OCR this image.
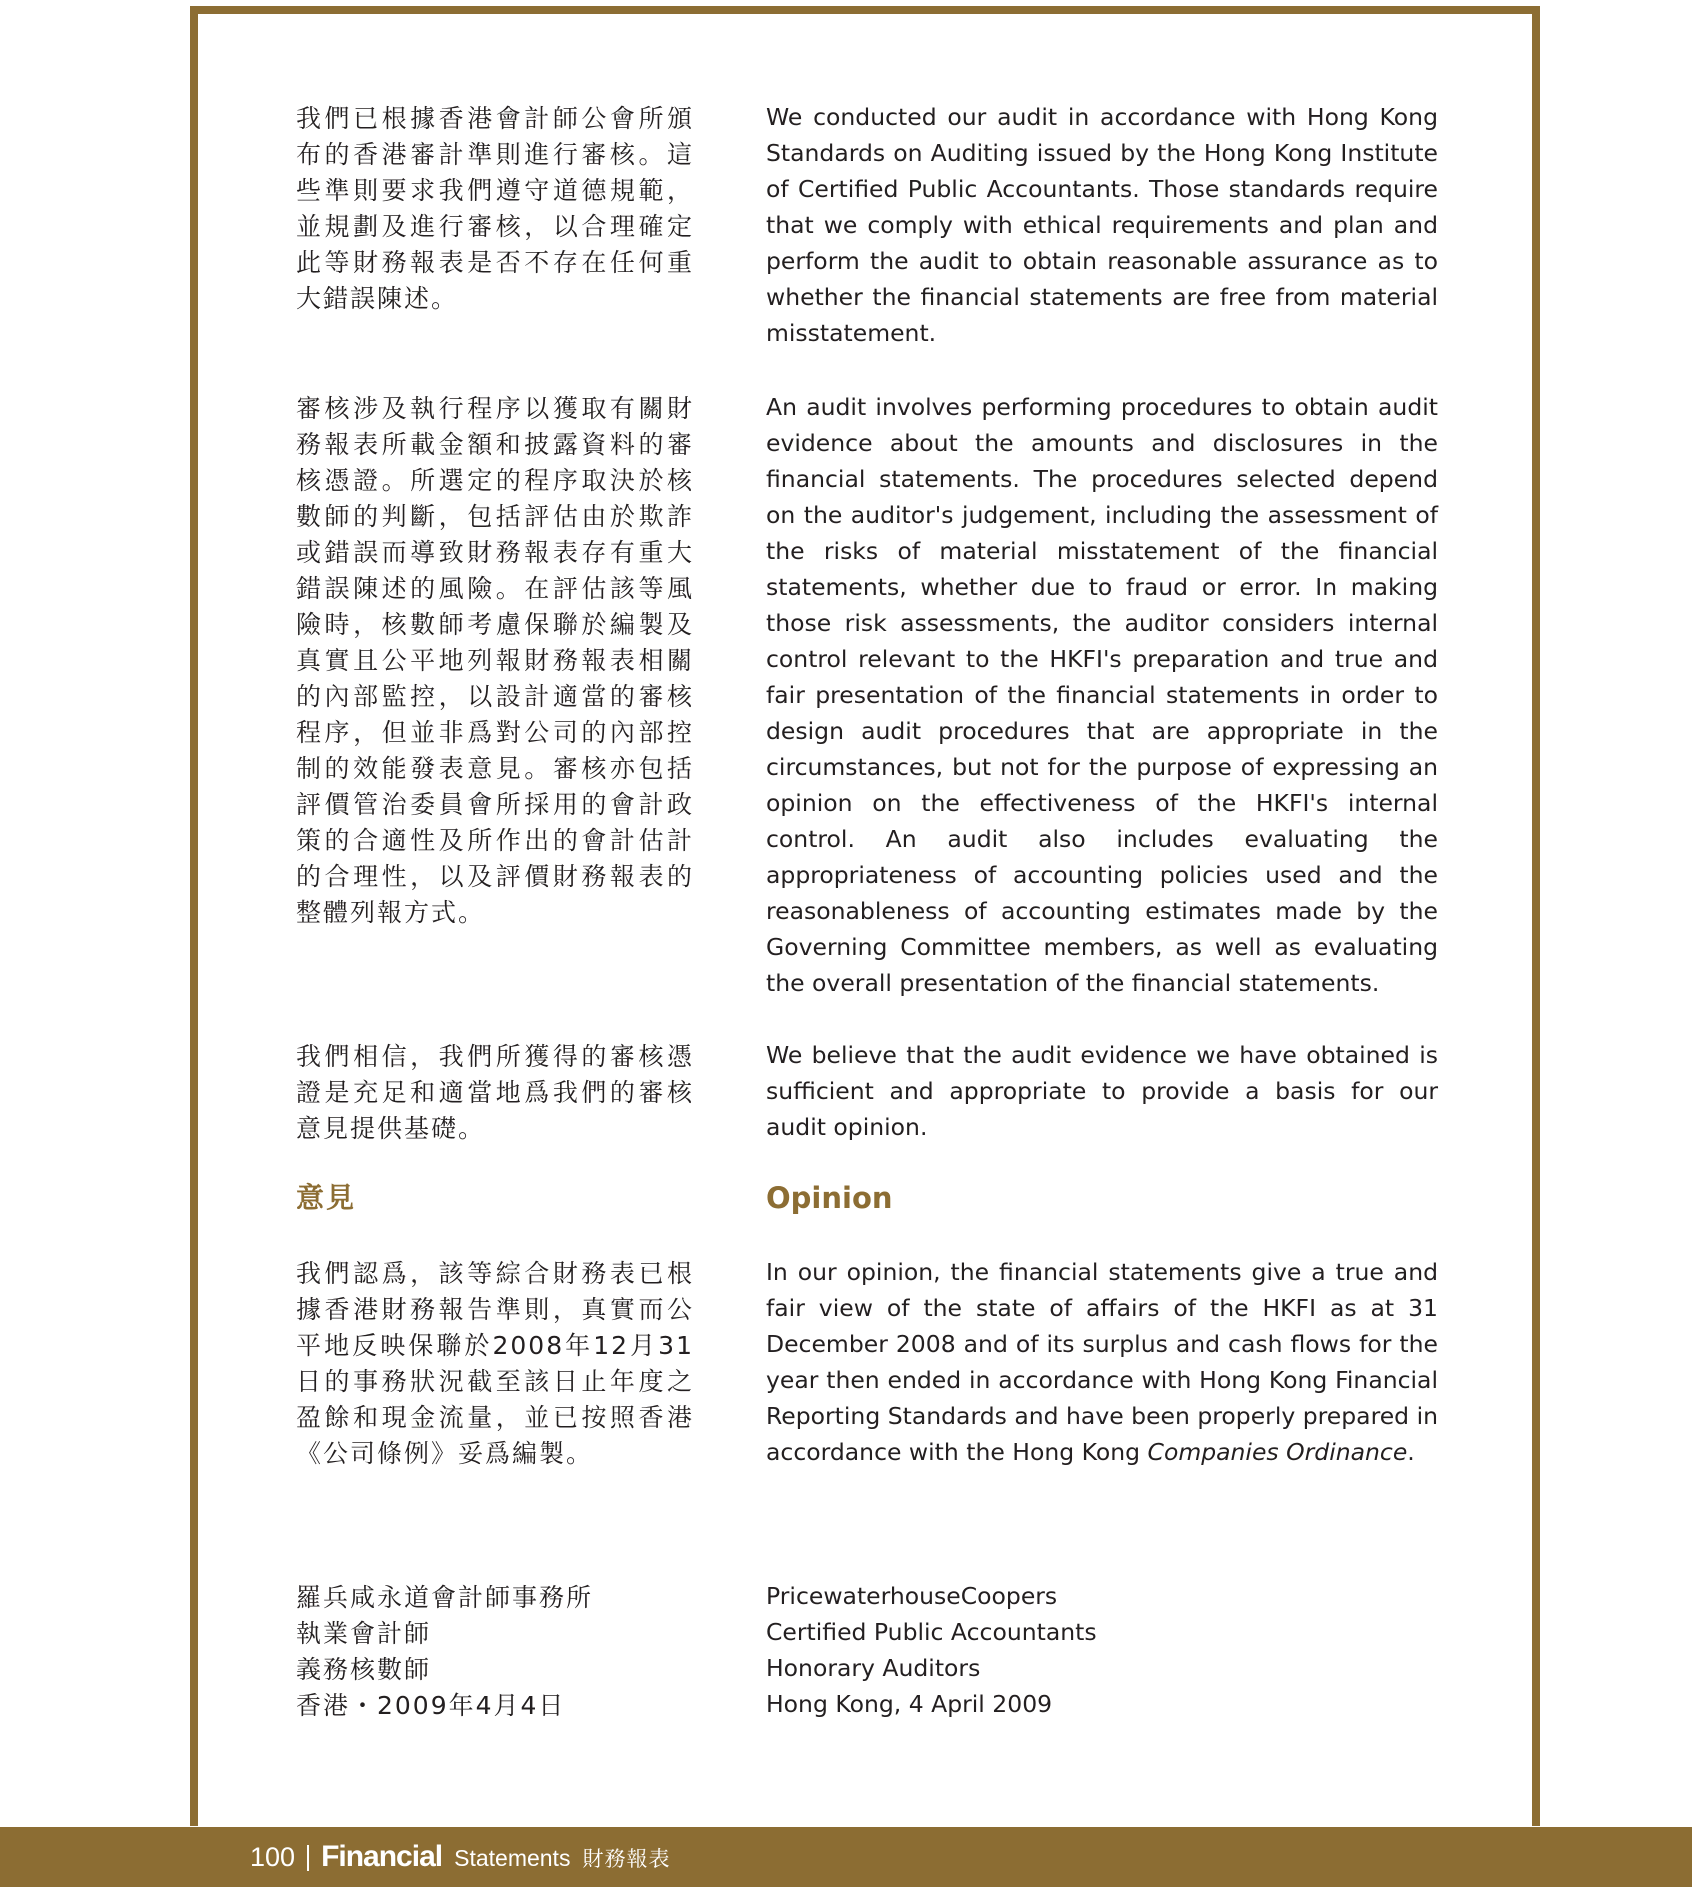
我們已根據香港會計師公會所頒布的香港審計準則進行審核。這些準則要求我們遵守道德規範，並規劃及進行審核，以合理確定此等財務報表是否不存在任何重大錯誤陳述。

We conducted our audit in accordance with Hong Kong Standards on Auditing issued by the Hong Kong Institute of Certified Public Accountants. Those standards require that we comply with ethical requirements and plan and perform the audit to obtain reasonable assurance as to whether the financial statements are free from material misstatement.

審核涉及執行程序以獲取有關財務報表所載金額和披露資料的審核憑證。所選定的程序取決於核數師的判斷，包括評估由於欺詐或錯誤而導致財務報表存有重大錯誤陳述的風險。在評估該等風險時，核數師考慮保聯於編製及真實且公平地列報財務報表相關的內部監控，以設計適當的審核程序，但並非爲對公司的內部控制的效能發表意見。審核亦包括評價管治委員會所採用的會計政策的合適性及所作出的會計估計的合理性，以及評價財務報表的整體列報方式。

An audit involves performing procedures to obtain audit evidence about the amounts and disclosures in the financial statements. The procedures selected depend on the auditor's judgement, including the assessment of the risks of material misstatement of the financial statements, whether due to fraud or error. In making those risk assessments, the auditor considers internal control relevant to the HKFI's preparation and true and fair presentation of the financial statements in order to design audit procedures that are appropriate in the circumstances, but not for the purpose of expressing an opinion on the effectiveness of the HKFI's internal control. An audit also includes evaluating the appropriateness of accounting policies used and the reasonableness of accounting estimates made by the Governing Committee members, as well as evaluating the overall presentation of the financial statements.

我們相信，我們所獲得的審核憑證是充足和適當地爲我們的審核意見提供基礎。

We believe that the audit evidence we have obtained is sufficient and appropriate to provide a basis for our audit opinion.

意見	Opinion

我們認爲，該等綜合財務表已根據香港財務報告準則，真實而公平地反映保聯於2008年12月31日的事務狀況截至該日止年度之盈餘和現金流量，並已按照香港《公司條例》妥爲編製。

In our opinion, the financial statements give a true and fair view of the state of affairs of the HKFI as at 31 December 2008 and of its surplus and cash flows for the year then ended in accordance with Hong Kong Financial Reporting Standards and have been properly prepared in accordance with the Hong Kong Companies Ordinance.

羅兵咸永道會計師事務所
執業會計師
義務核數師
香港・2009年4月4日

PricewaterhouseCoopers
Certified Public Accountants
Honorary Auditors
Hong Kong, 4 April 2009

100 Financial Statements 財務報表
